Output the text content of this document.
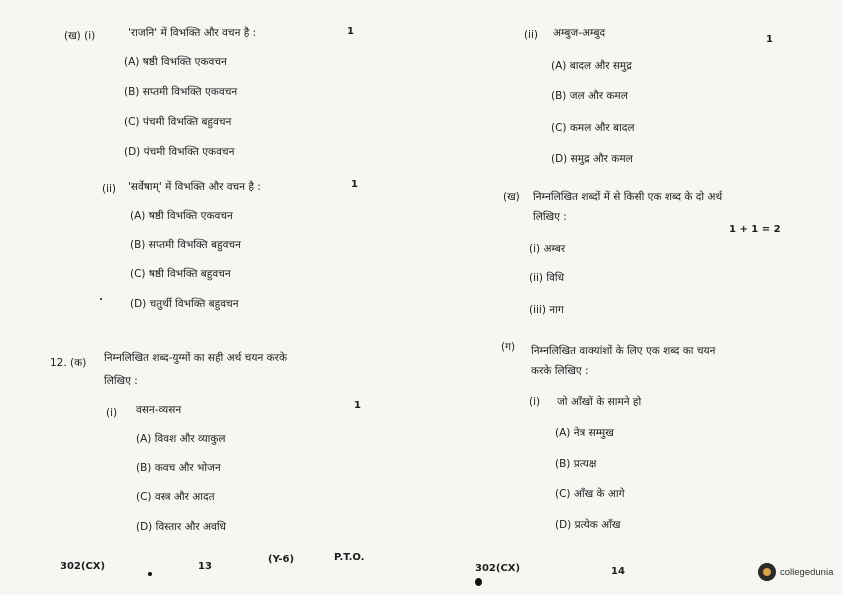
(ख) (i)	'राजनि' में विभक्ति और वचन है :	1
(A) षष्ठी विभक्ति एकवचन
(B) सप्तमी विभक्ति एकवचन
(C) पंचमी विभक्ति बहुवचन
(D) पंचमी विभक्ति एकवचन
(ii) 'सर्वेषाम्' में विभक्ति और वचन है :	1
(A) षष्ठी विभक्ति एकवचन
(B) सप्तमी विभक्ति बहुवचन
(C) षष्ठी विभक्ति बहुवचन
(D) चतुर्थी विभक्ति बहुवचन
12. (क) निम्नलिखित शब्द-युग्मों का सही अर्थ चयन करके
लिखिए :
(i) वसन-व्यसन	1
(A) विवश और व्याकुल
(B) कवच और भोजन
(C) वस्त्र और आदत
(D) विस्तार और अवधि
302(CX)	13
(Y-6)	P.T.O.
(ii) अम्बुज-अम्बुद
1
(A) बादल और समुद्र
(B) जल और कमल
(C) कमल और बादल
(D) समुद्र और कमल
(ख) निम्नलिखित शब्दों में से किसी एक शब्द के दो अर्थ
लिखिए :
1 + 1 = 2
(i) अम्बर
(ii) विधि
(iii) नाग
(ग) निम्नलिखित वाक्यांशों के लिए एक शब्द का चयन
करके लिखिए :
(i) जो आँखों के सामने हो
(A) नेत्र सम्मुख
(B) प्रत्यक्ष
(C) आँख के आगे
(D) प्रत्येक आँख
302(CX)	14	collegedunia
